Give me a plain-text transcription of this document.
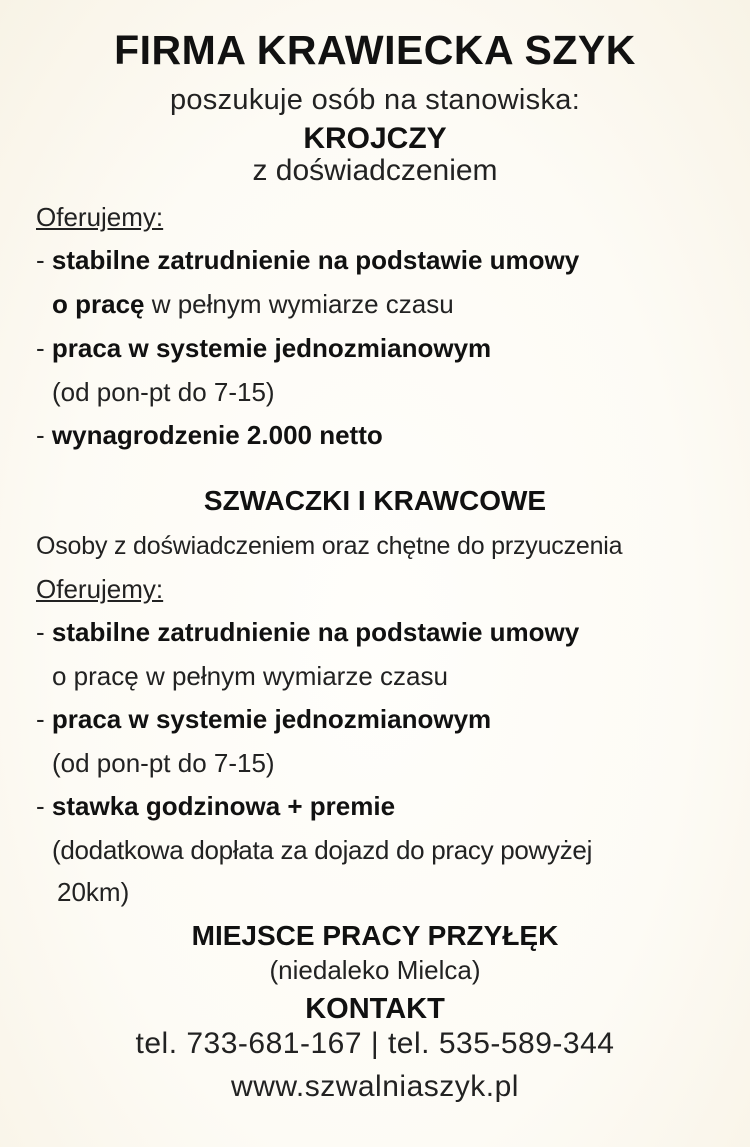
FIRMA KRAWIECKA SZYK
poszukuje osób na stanowiska:
KROJCZY
z doświadczeniem
Oferujemy:
- stabilne zatrudnienie na podstawie umowy
o pracę w pełnym wymiarze czasu
- praca w systemie jednozmianowym
(od pon-pt do 7-15)
- wynagrodzenie 2.000 netto
SZWACZKI I KRAWCOWE
Osoby z doświadczeniem oraz chętne do przyuczenia
Oferujemy:
- stabilne zatrudnienie na podstawie umowy
o pracę w pełnym wymiarze czasu
- praca w systemie jednozmianowym
(od pon-pt do 7-15)
- stawka godzinowa + premie
(dodatkowa dopłata za dojazd do pracy powyżej
20km)
MIEJSCE PRACY PRZYŁĘK
(niedaleko Mielca)
KONTAKT
tel. 733-681-167 | tel. 535-589-344
www.szwalniaszyk.pl
